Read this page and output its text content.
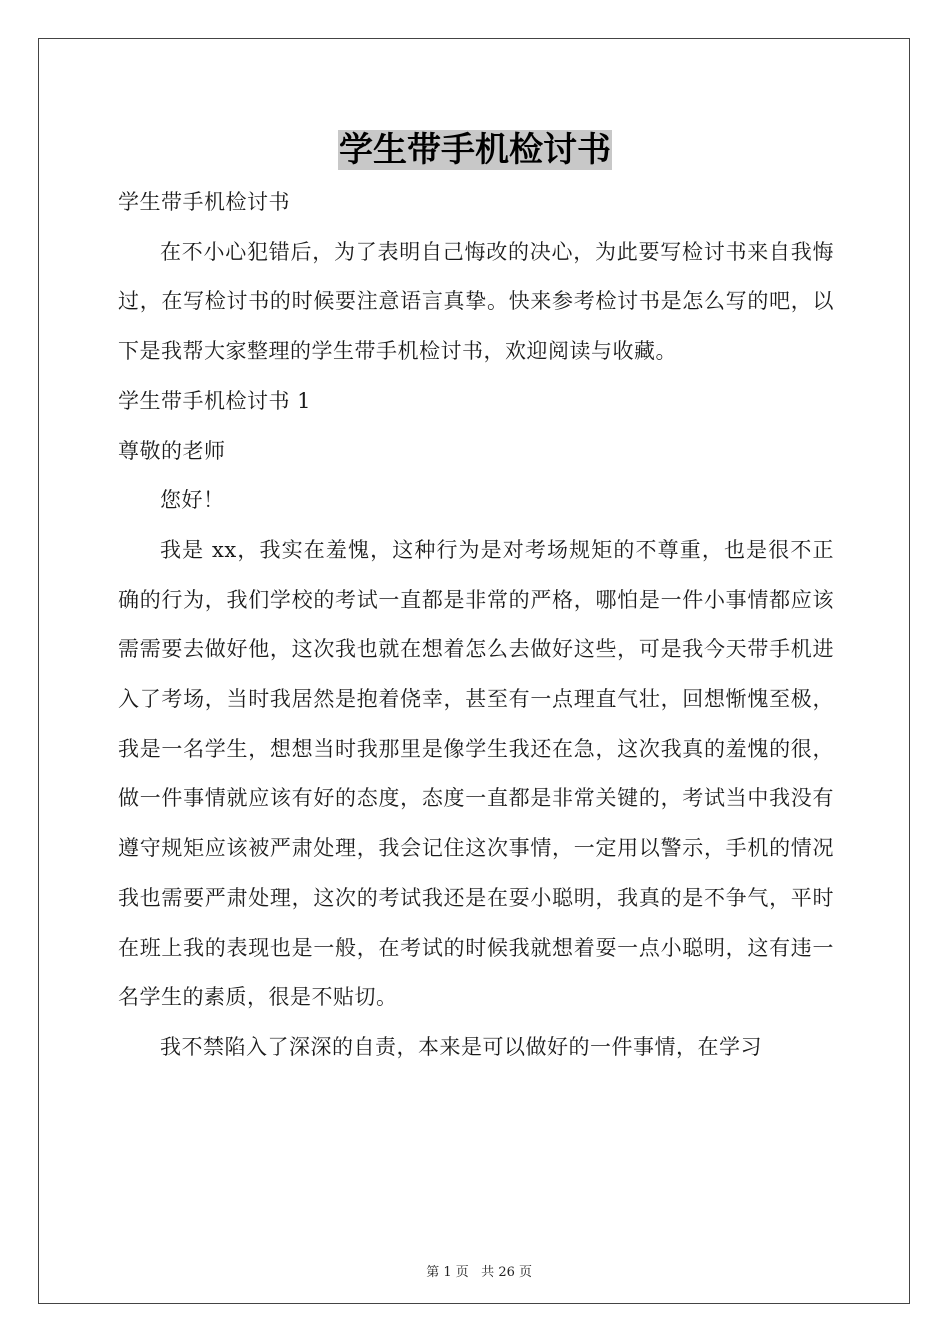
学生带手机检讨书

学生带手机检讨书

在不小心犯错后，为了表明自己悔改的决心，为此要写检讨书来自我悔过，在写检讨书的时候要注意语言真挚。快来参考检讨书是怎么写的吧，以下是我帮大家整理的学生带手机检讨书，欢迎阅读与收藏。

学生带手机检讨书 1

尊敬的老师

您好！

我是 xx，我实在羞愧，这种行为是对考场规矩的不尊重，也是很不正确的行为，我们学校的考试一直都是非常的严格，哪怕是一件小事情都应该需需要去做好他，这次我也就在想着怎么去做好这些，可是我今天带手机进入了考场，当时我居然是抱着侥幸，甚至有一点理直气壮，回想惭愧至极，我是一名学生，想想当时我那里是像学生我还在急，这次我真的羞愧的很，做一件事情就应该有好的态度，态度一直都是非常关键的，考试当中我没有遵守规矩应该被严肃处理，我会记住这次事情，一定用以警示，手机的情况我也需要严肃处理，这次的考试我还是在耍小聪明，我真的是不争气，平时在班上我的表现也是一般，在考试的时候我就想着耍一点小聪明，这有违一名学生的素质，很是不贴切。

我不禁陷入了深深的自责，本来是可以做好的一件事情，在学习

第 1 页   共 26 页
